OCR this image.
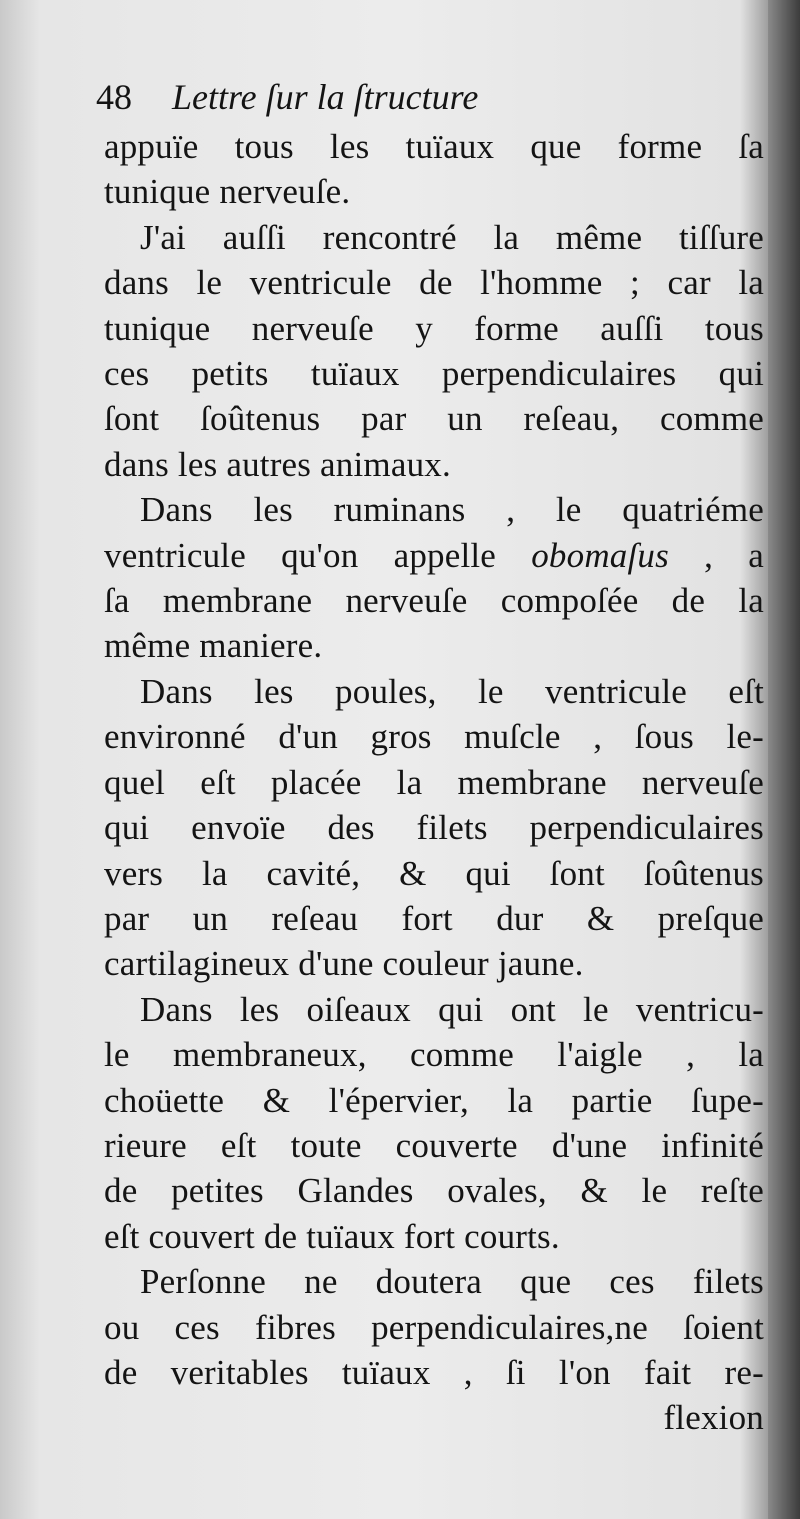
48 Lettre ſur la ſtructure
appuïe tous les tuïaux que forme ſa
tunique nerveuſe.
J'ai auſſi rencontré la même tiſſure
dans le ventricule de l'homme ; car la
tunique nerveuſe y forme auſſi tous
ces petits tuïaux perpendiculaires qui
ſont ſoûtenus par un reſeau, comme
dans les autres animaux.
Dans les ruminans , le quatriéme
ventricule qu'on appelle obomaſus , a
ſa membrane nerveuſe compoſée de la
même maniere.
Dans les poules, le ventricule eſt
environné d'un gros muſcle , ſous le-
quel eſt placée la membrane nerveuſe
qui envoïe des filets perpendiculaires
vers la cavité, & qui ſont ſoûtenus
par un reſeau fort dur & preſque
cartilagineux d'une couleur jaune.
Dans les oiſeaux qui ont le ventricu-
le membraneux, comme l'aigle , la
choüette & l'épervier, la partie ſupe-
rieure eſt toute couverte d'une infinité
de petites Glandes ovales, & le reſte
eſt couvert de tuïaux fort courts.
Perſonne ne doutera que ces filets
ou ces fibres perpendiculaires,ne ſoient
de veritables tuïaux , ſi l'on fait re-
flexion
